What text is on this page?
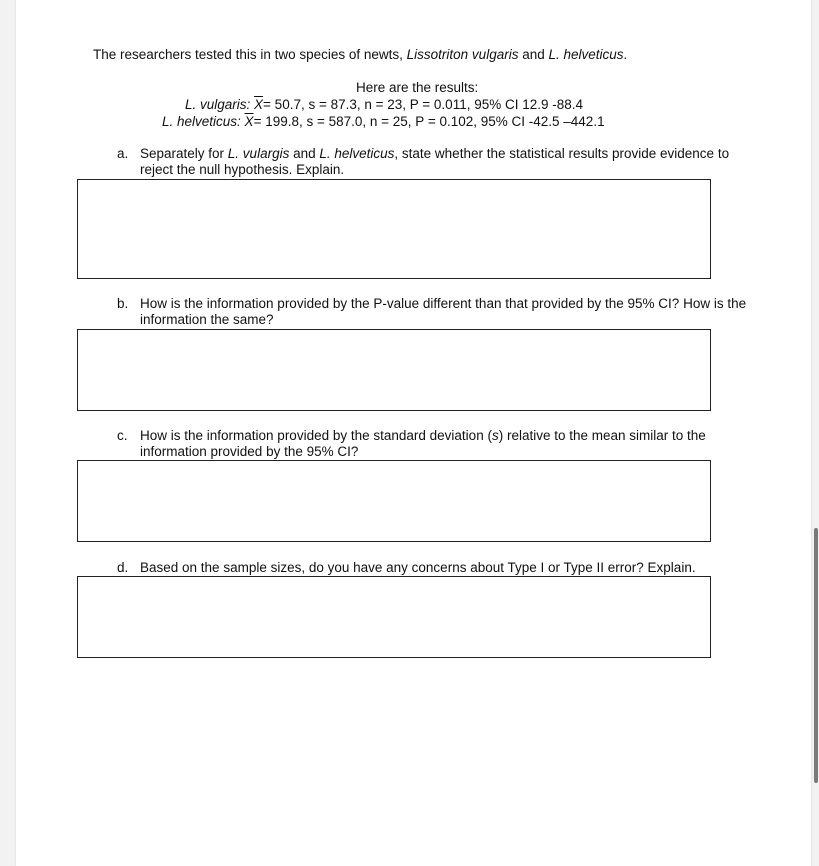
The researchers tested this in two species of newts, Lissotriton vulgaris and L. helveticus.
Here are the results:
L. vulgaris: $\overline{X}= 50.7$, s = 87.3, n = 23, P = 0.011, 95% CI 12.9 -88.4
L. helveticus: $\overline{X}= 199.8$, s = 587.0, n = 25, P = 0.102, 95% CI -42.5 –442.1
a. Separately for L. vulargis and L. helveticus, state whether the statistical results provide evidence to reject the null hypothesis. Explain.
b. How is the information provided by the P-value different than that provided by the 95% CI? How is the information the same?
c. How is the information provided by the standard deviation (s) relative to the mean similar to the information provided by the 95% CI?
d. Based on the sample sizes, do you have any concerns about Type I or Type II error? Explain.
